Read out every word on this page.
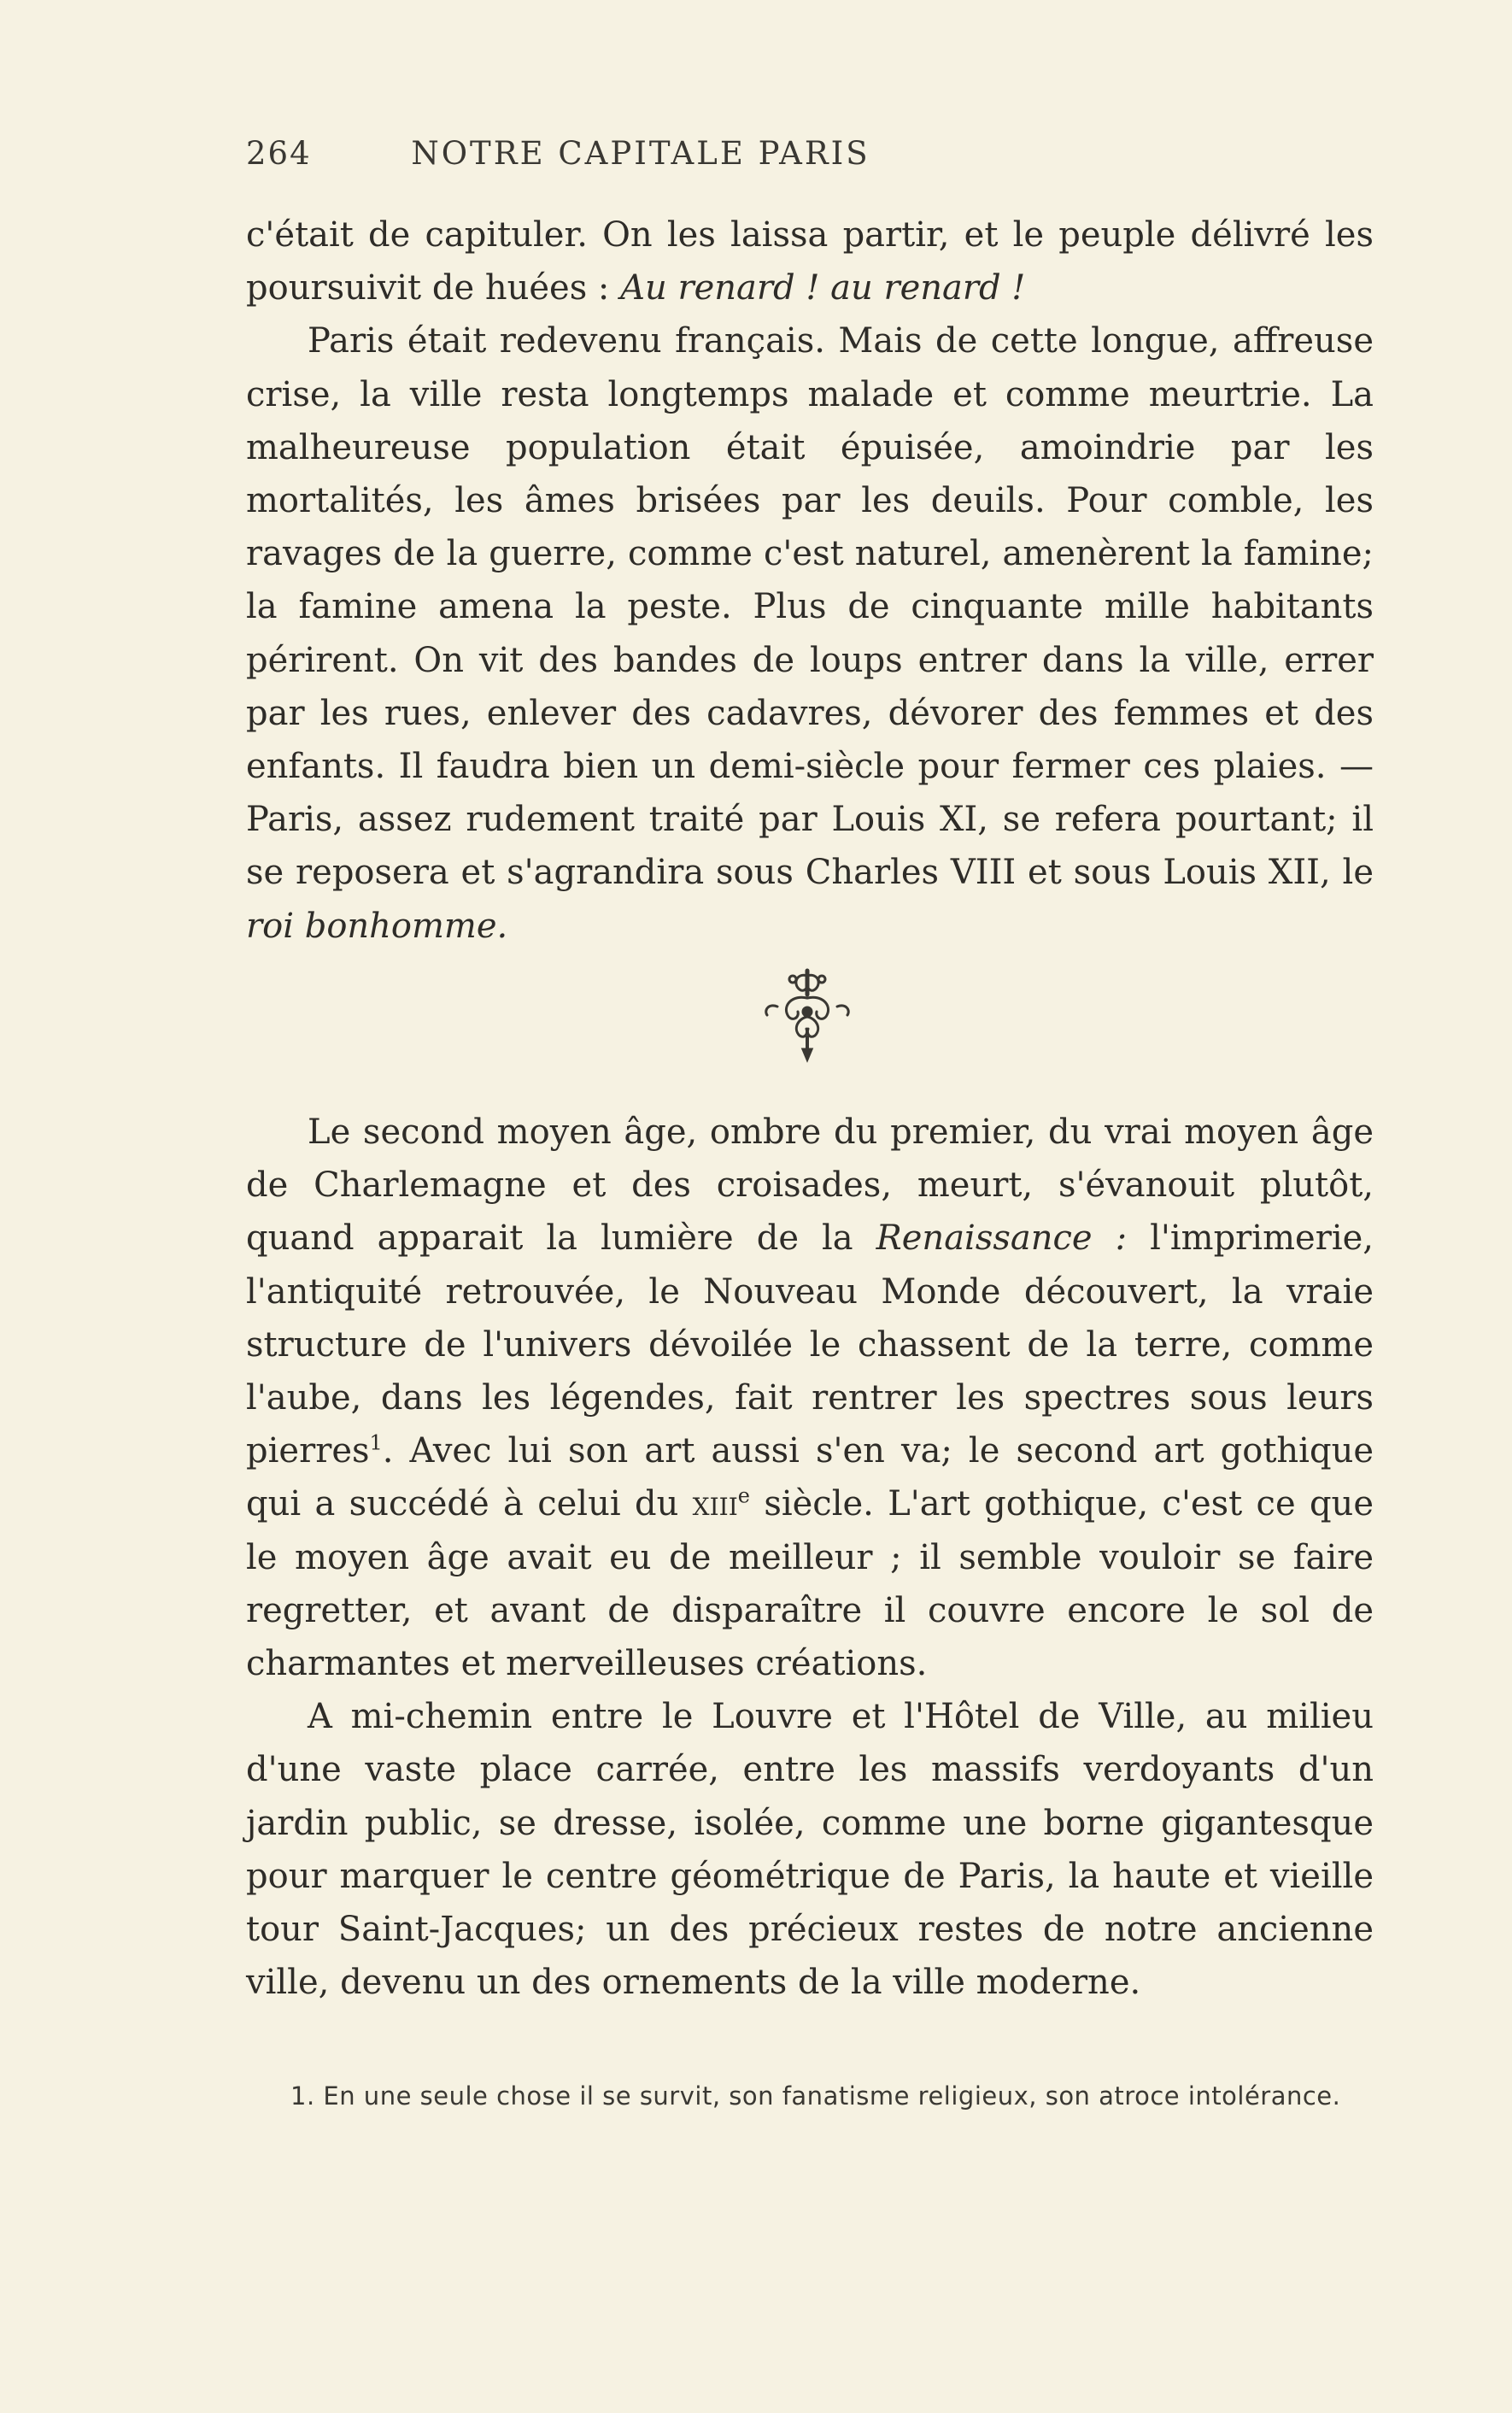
264	NOTRE CAPITALE PARIS

c'était de capituler. On les laissa partir, et le peuple délivré les poursuivit de huées : Au renard ! au renard !

Paris était redevenu français. Mais de cette longue, affreuse crise, la ville resta longtemps malade et comme meurtrie. La malheureuse population était épuisée, amoindrie par les mortalités, les âmes brisées par les deuils. Pour comble, les ravages de la guerre, comme c'est naturel, amenèrent la famine; la famine amena la peste. Plus de cinquante mille habitants périrent. On vit des bandes de loups entrer dans la ville, errer par les rues, enlever des cadavres, dévorer des femmes et des enfants. Il faudra bien un demi-siècle pour fermer ces plaies. —Paris, assez rudement traité par Louis XI, se refera pourtant; il se reposera et s'agrandira sous Charles VIII et sous Louis XII, le roi bonhomme.

Le second moyen âge, ombre du premier, du vrai moyen âge de Charlemagne et des croisades, meurt, s'évanouit plutôt, quand apparait la lumière de la Renaissance : l'imprimerie, l'antiquité retrouvée, le Nouveau Monde découvert, la vraie structure de l'univers dévoilée le chassent de la terre, comme l'aube, dans les légendes, fait rentrer les spectres sous leurs pierres$^1$. Avec lui son art aussi s'en va; le second art gothique qui a succédé à celui du xiii$^e$ siècle. L'art gothique, c'est ce que le moyen âge avait eu de meilleur ; il semble vouloir se faire regretter, et avant de disparaître il couvre encore le sol de charmantes et merveilleuses créations.

A mi-chemin entre le Louvre et l'Hôtel de Ville, au milieu d'une vaste place carrée, entre les massifs verdoyants d'un jardin public, se dresse, isolée, comme une borne gigantesque pour marquer le centre géométrique de Paris, la haute et vieille tour Saint-Jacques; un des précieux restes de notre ancienne ville, devenu un des ornements de la ville moderne.

1. En une seule chose il se survit, son fanatisme religieux, son atroce intolérance.
